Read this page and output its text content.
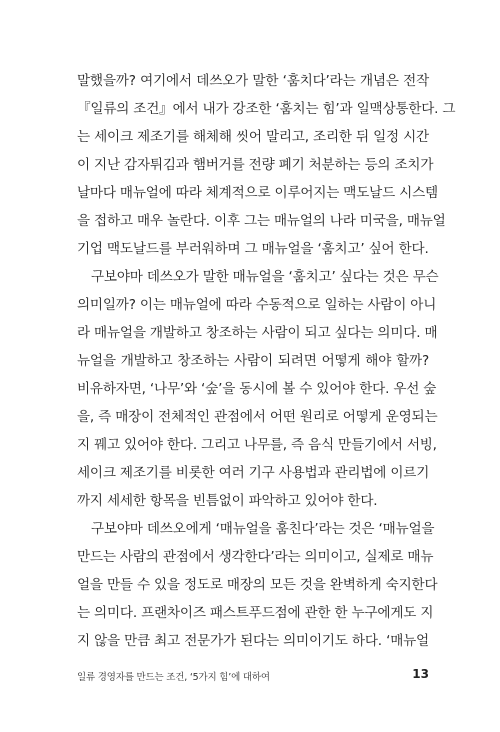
말했을까? 여기에서 데쓰오가 말한 ‘훔치다’라는 개념은 전작
『일류의 조건』에서 내가 강조한 ‘훔치는 힘’과 일맥상통한다. 그
는 세이크 제조기를 해체해 씻어 말리고, 조리한 뒤 일정 시간
이 지난 감자튀김과 햄버거를 전량 폐기 처분하는 등의 조치가
날마다 매뉴얼에 따라 체계적으로 이루어지는 맥도날드 시스템
을 접하고 매우 놀란다. 이후 그는 매뉴얼의 나라 미국을, 매뉴얼
기업 맥도날드를 부러워하며 그 매뉴얼을 ‘훔치고’ 싶어 한다.
구보야마 데쓰오가 말한 매뉴얼을 ‘훔치고’ 싶다는 것은 무슨
의미일까? 이는 매뉴얼에 따라 수동적으로 일하는 사람이 아니
라 매뉴얼을 개발하고 창조하는 사람이 되고 싶다는 의미다. 매
뉴얼을 개발하고 창조하는 사람이 되려면 어떻게 해야 할까?
비유하자면, ‘나무’와 ‘숲’을 동시에 볼 수 있어야 한다. 우선 숲
을, 즉 매장이 전체적인 관점에서 어떤 원리로 어떻게 운영되는
지 꿰고 있어야 한다. 그리고 나무를, 즉 음식 만들기에서 서빙,
세이크 제조기를 비롯한 여러 기구 사용법과 관리법에 이르기
까지 세세한 항목을 빈틈없이 파악하고 있어야 한다.
구보야마 데쓰오에게 ‘매뉴얼을 훔친다’라는 것은 ‘매뉴얼을
만드는 사람의 관점에서 생각한다’라는 의미이고, 실제로 매뉴
얼을 만들 수 있을 정도로 매장의 모든 것을 완벽하게 숙지한다
는 의미다. 프랜차이즈 패스트푸드점에 관한 한 누구에게도 지
지 않을 만큼 최고 전문가가 된다는 의미이기도 하다. ‘매뉴얼
일류 경영자를 만드는 조건, ‘5가지 힘’에 대하여	13
